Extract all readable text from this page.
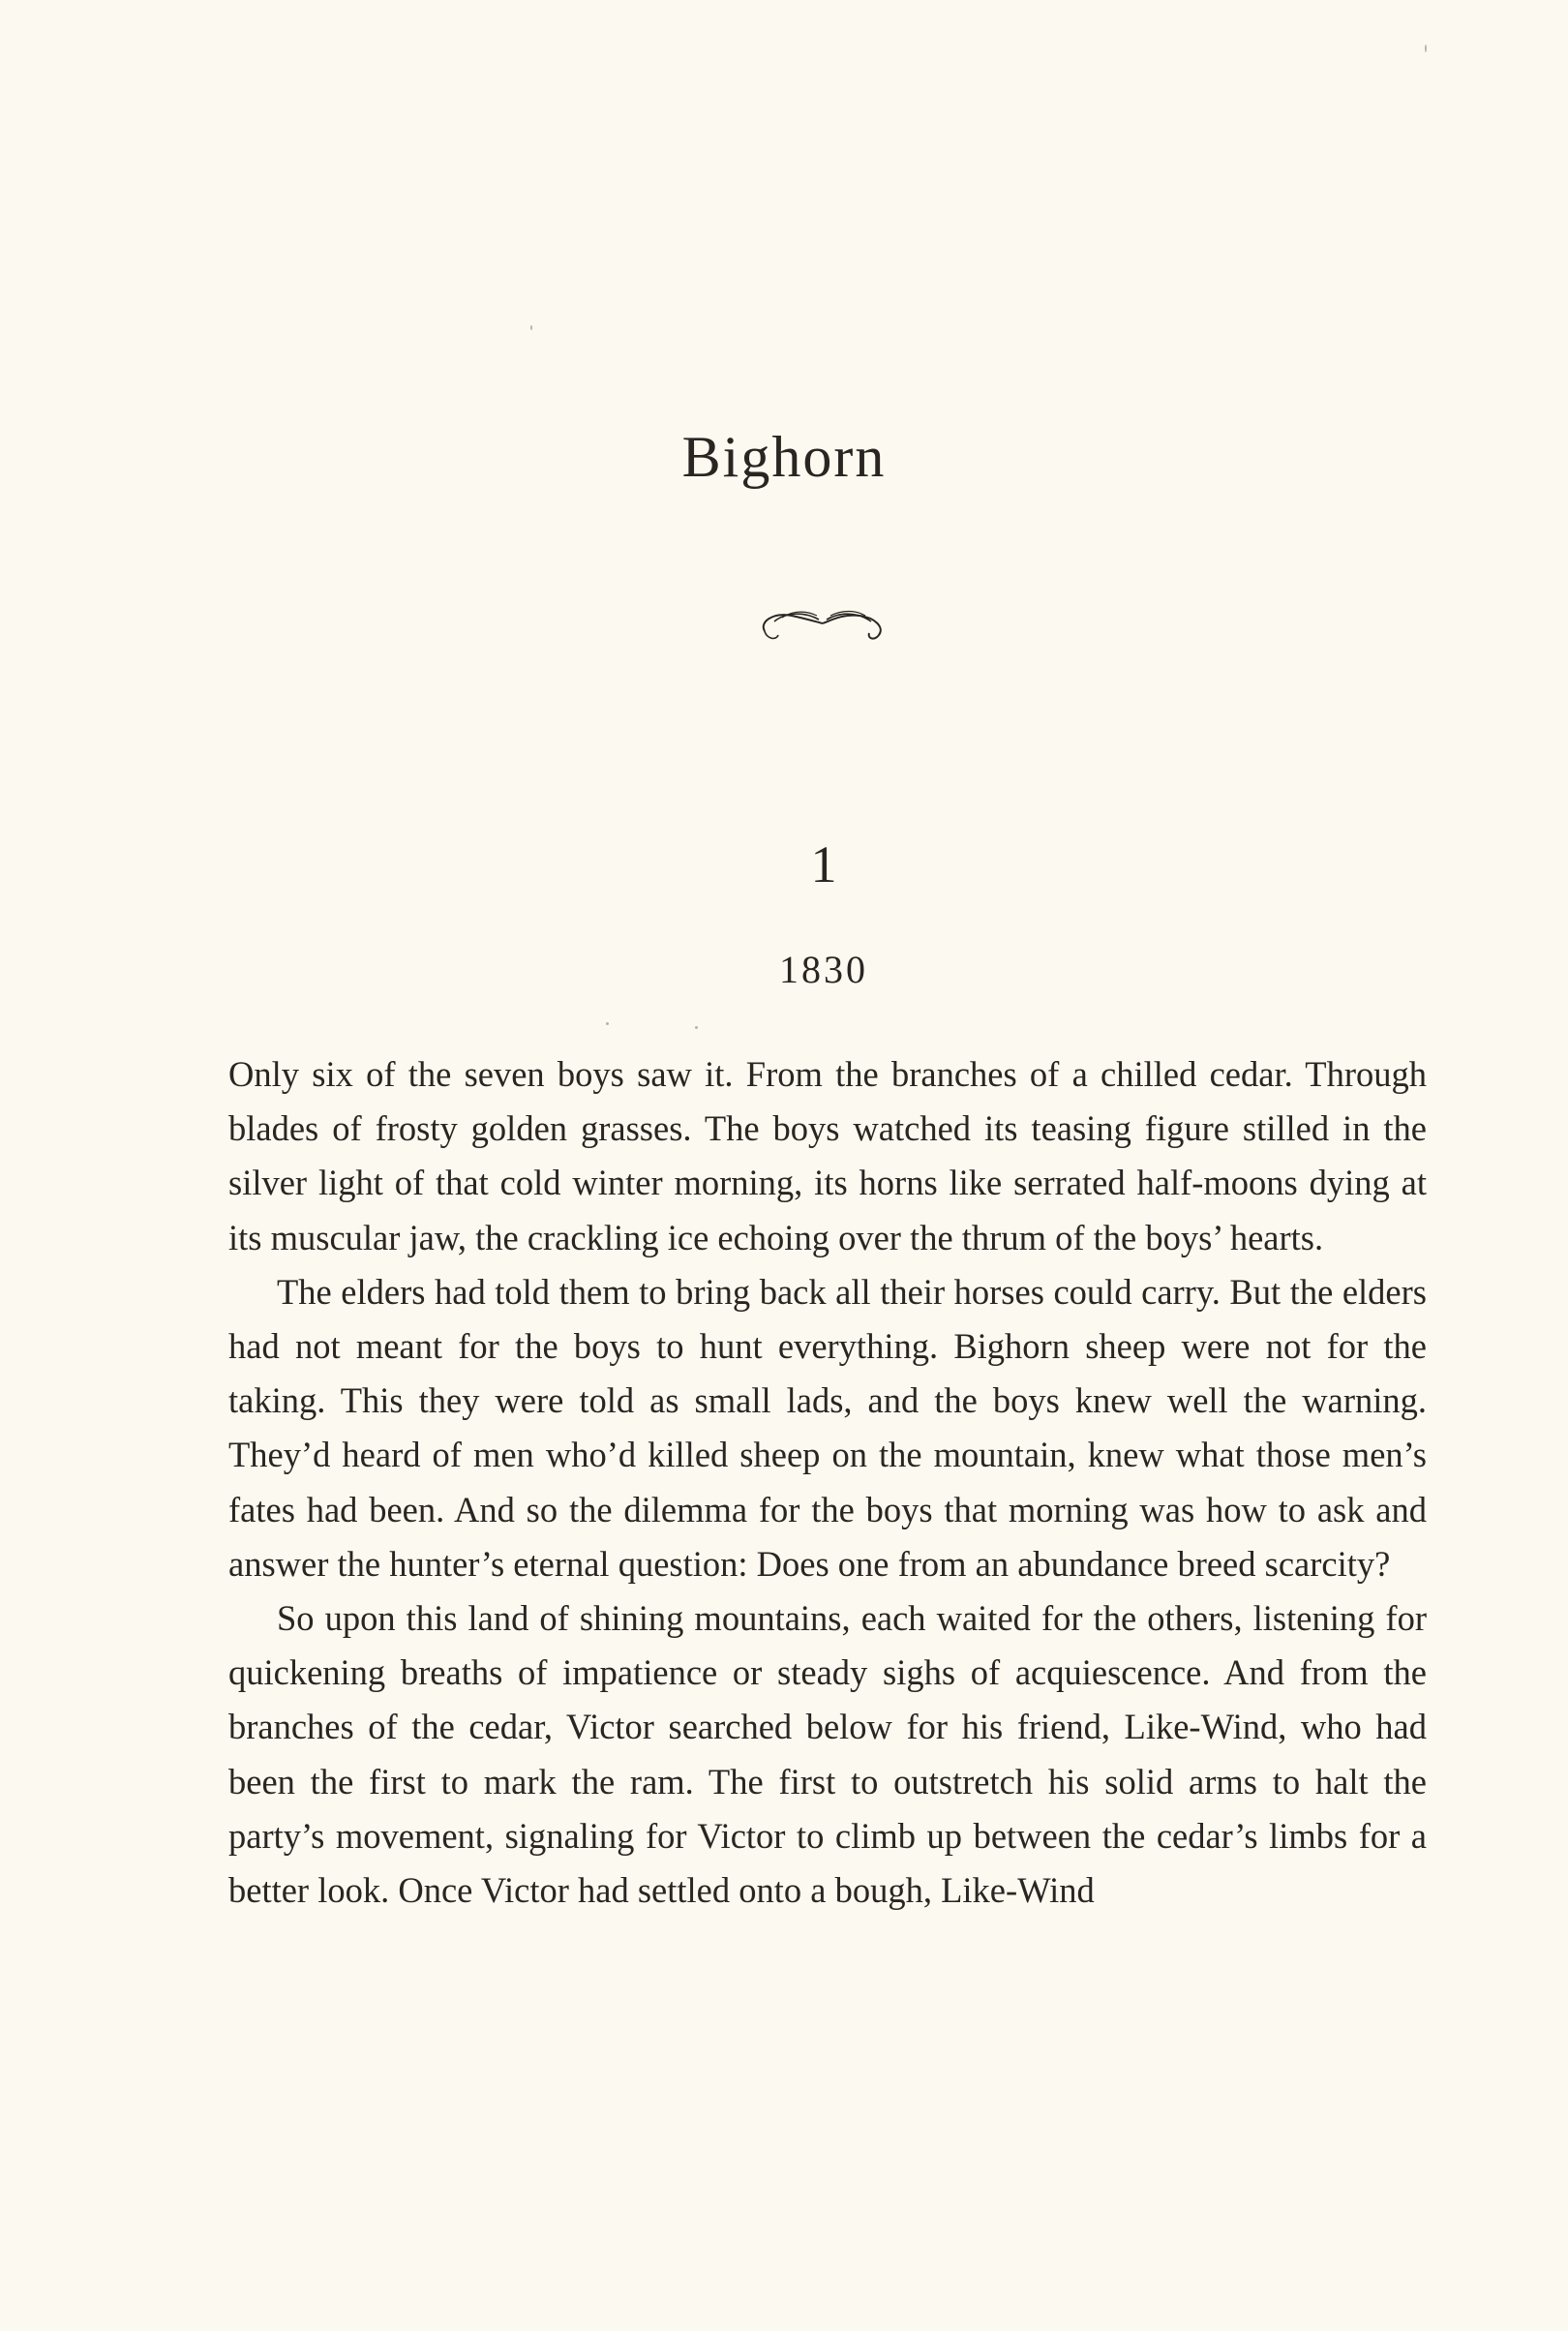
Bighorn
1
1830

Only six of the seven boys saw it. From the branches of a chilled cedar. Through blades of frosty golden grasses. The boys watched its teasing figure stilled in the silver light of that cold winter morning, its horns like serrated half-moons dying at its muscular jaw, the crackling ice echoing over the thrum of the boys’ hearts.

The elders had told them to bring back all their horses could carry. But the elders had not meant for the boys to hunt everything. Bighorn sheep were not for the taking. This they were told as small lads, and the boys knew well the warning. They’d heard of men who’d killed sheep on the mountain, knew what those men’s fates had been. And so the dilemma for the boys that morning was how to ask and answer the hunter’s eternal question: Does one from an abundance breed scarcity?

So upon this land of shining mountains, each waited for the others, listening for quickening breaths of impatience or steady sighs of acquiescence. And from the branches of the cedar, Victor searched below for his friend, Like-Wind, who had been the first to mark the ram. The first to outstretch his solid arms to halt the party’s movement, signaling for Victor to climb up between the cedar’s limbs for a better look. Once Victor had settled onto a bough, Like-Wind
